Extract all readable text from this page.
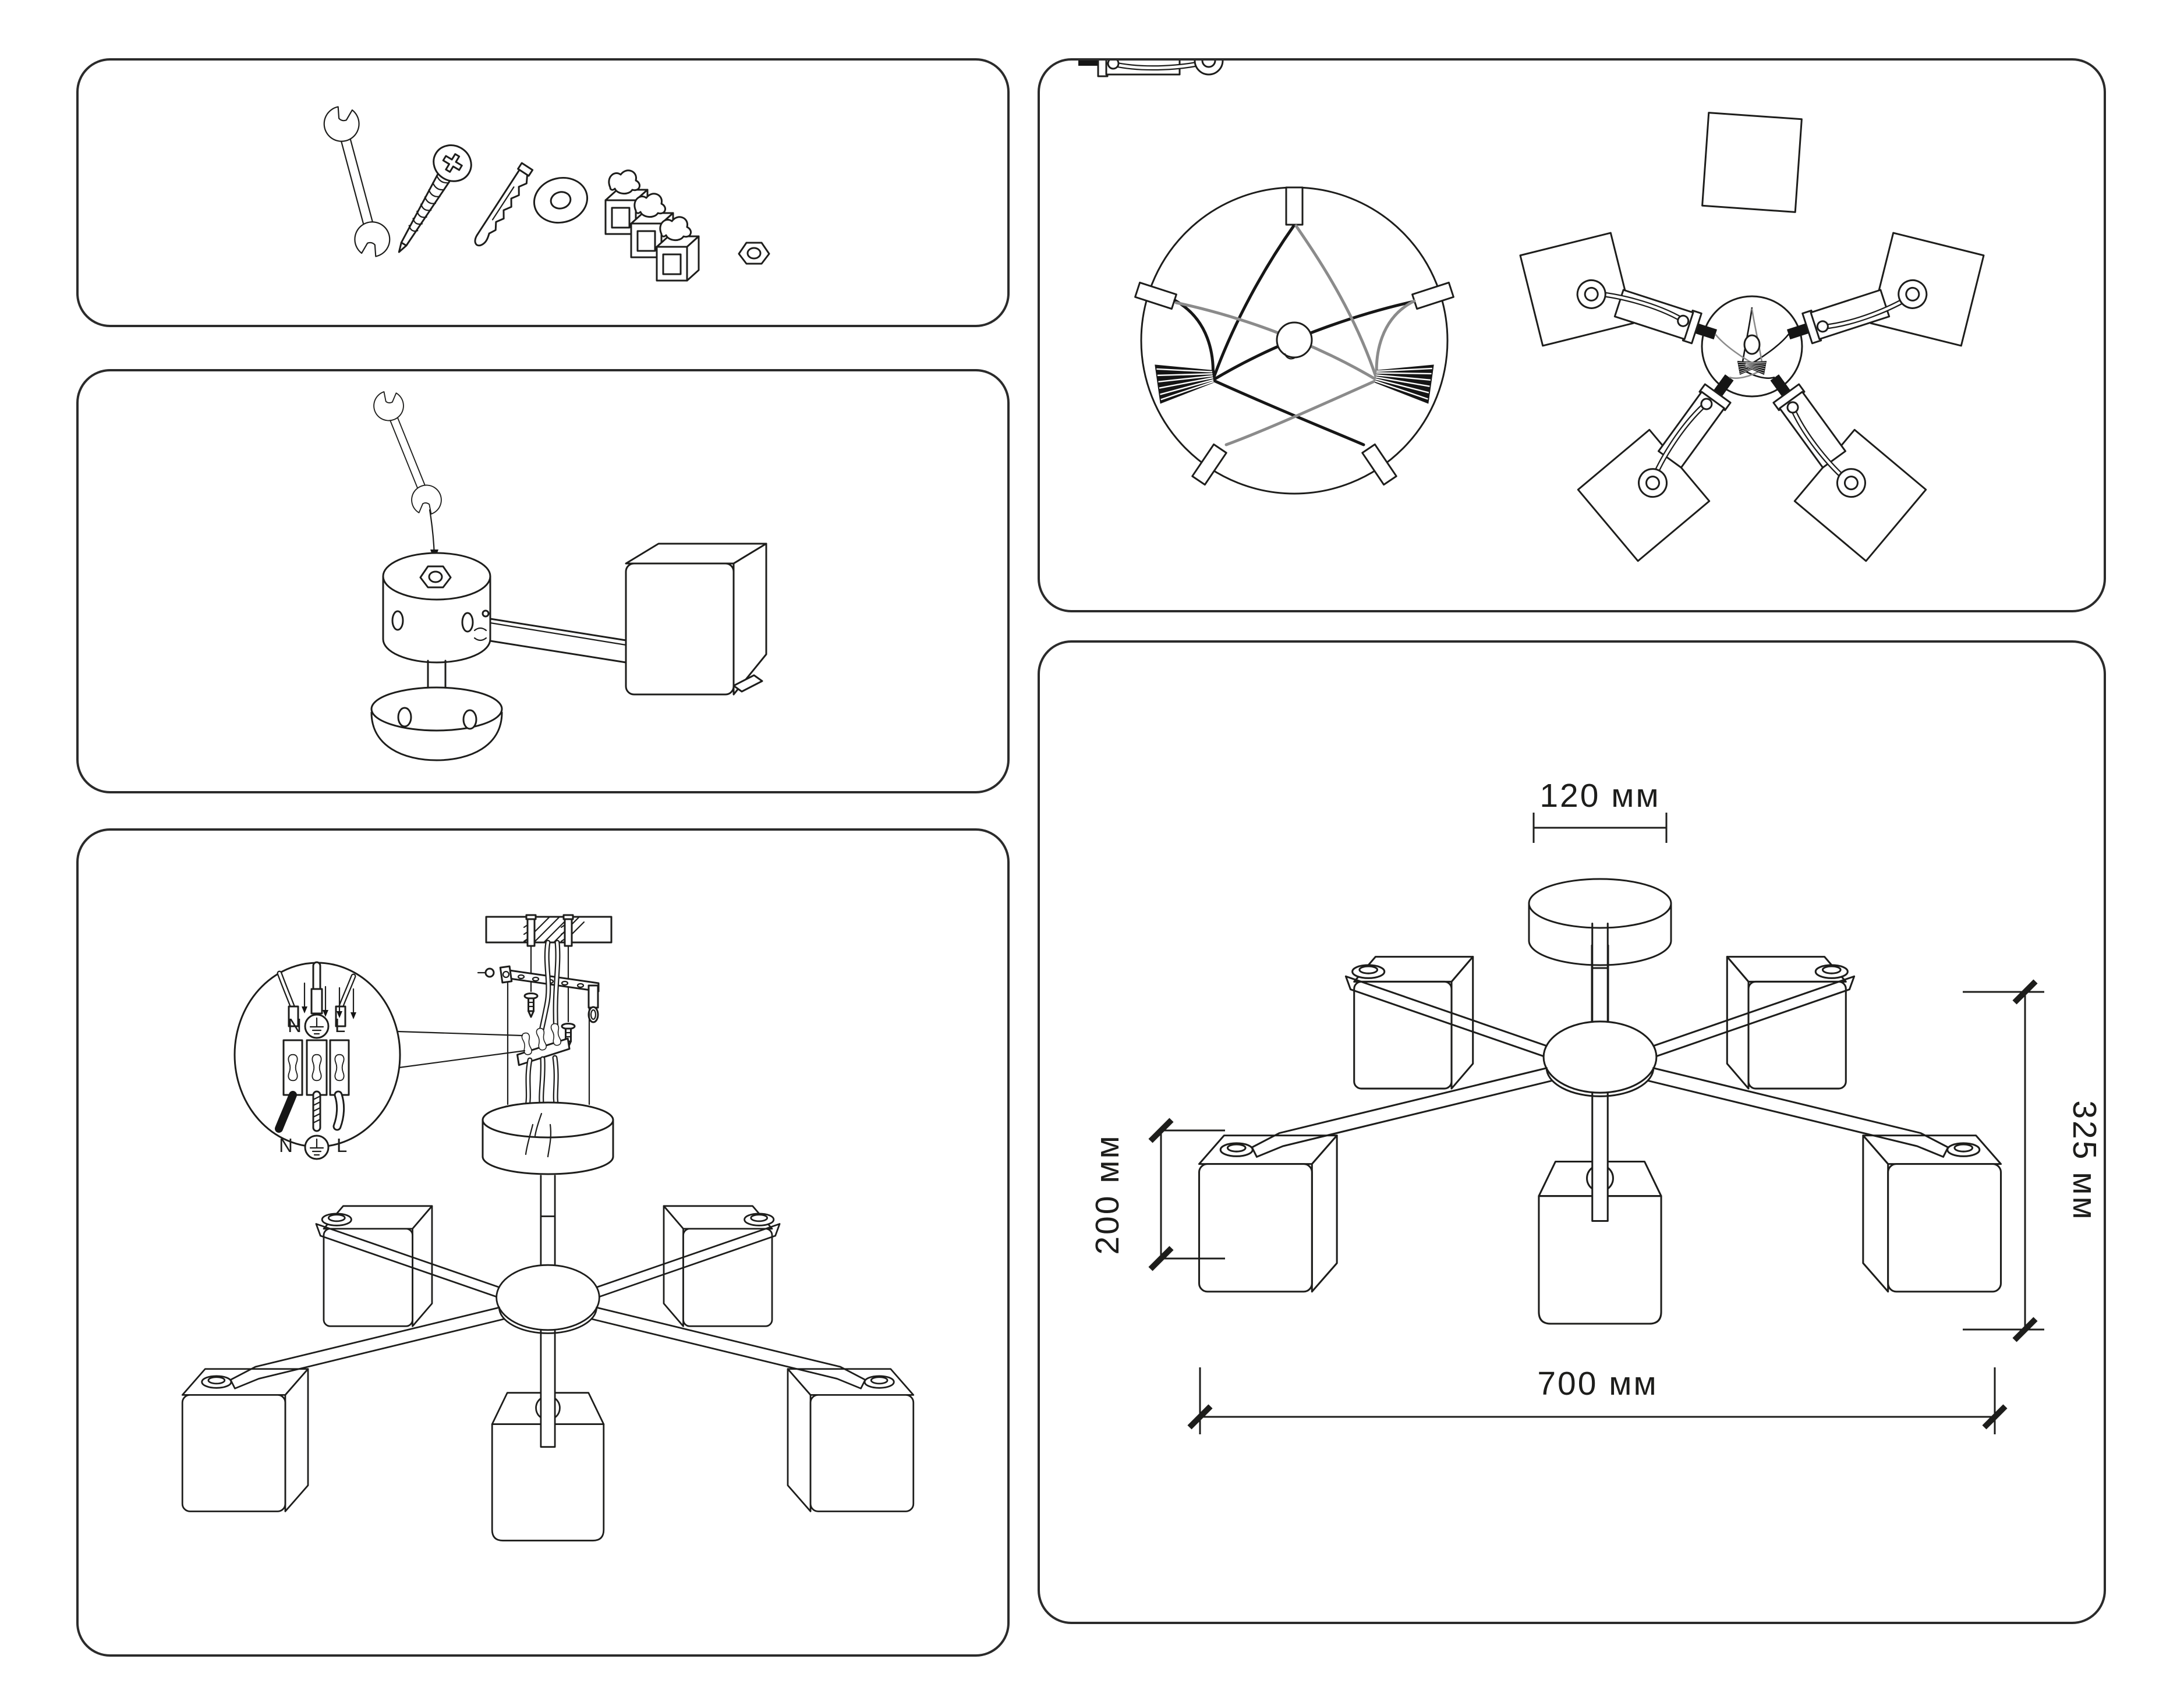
N L
N L
120 мм
325 мм
200 мм
700 мм
